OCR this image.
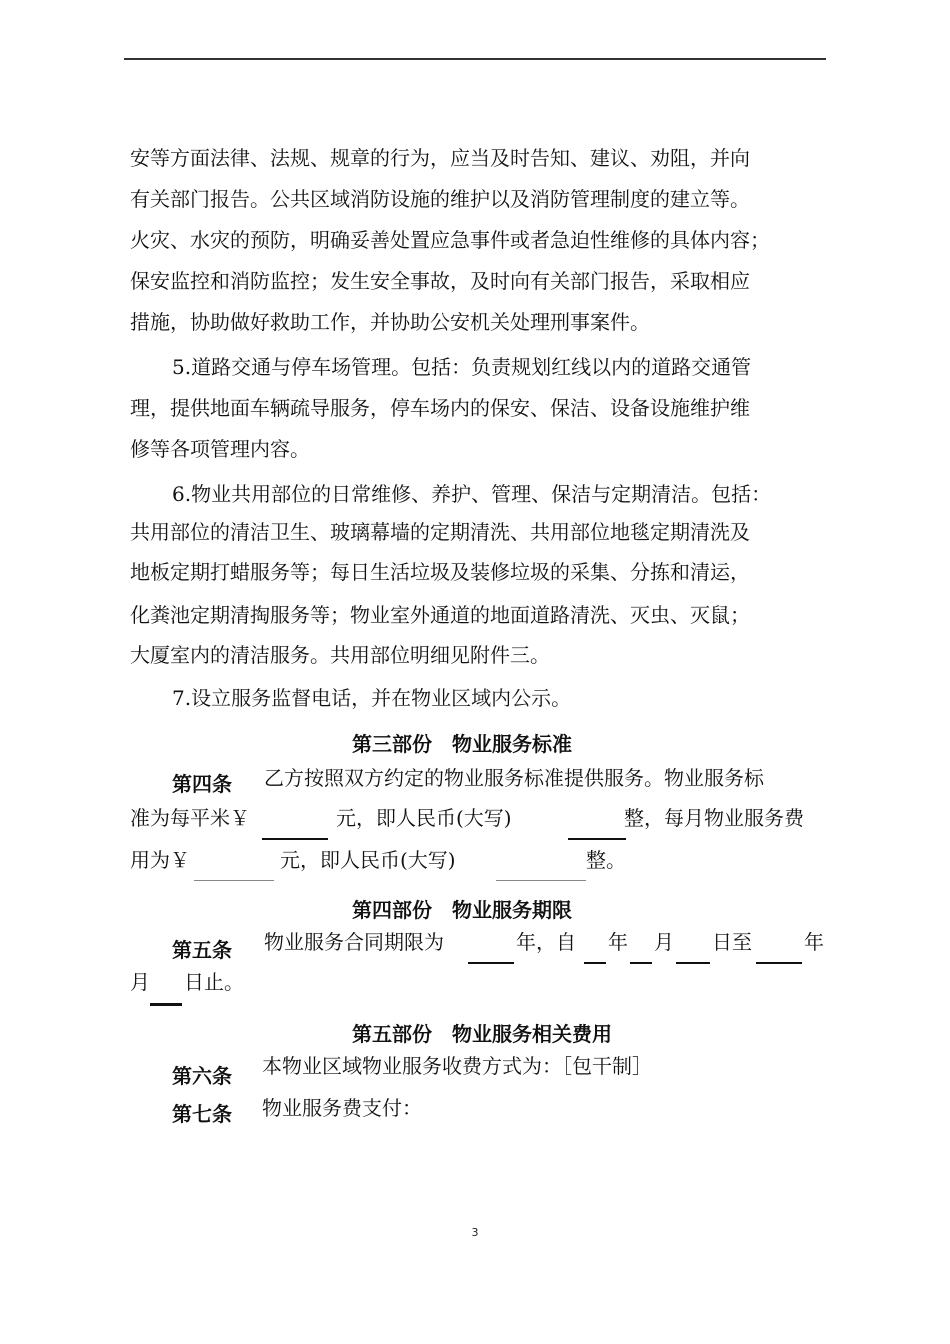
安等方面法律、法规、规章的行为，应当及时告知、建议、劝阻，并向
有关部门报告。公共区域消防设施的维护以及消防管理制度的建立等。
火灾、水灾的预防，明确妥善处置应急事件或者急迫性维修的具体内容；
保安监控和消防监控；发生安全事故，及时向有关部门报告，采取相应
措施，协助做好救助工作，并协助公安机关处理刑事案件。
5.道路交通与停车场管理。包括：负责规划红线以内的道路交通管
理，提供地面车辆疏导服务，停车场内的保安、保洁、设备设施维护维
修等各项管理内容。
6.物业共用部位的日常维修、养护、管理、保洁与定期清洁。包括：
共用部位的清洁卫生、玻璃幕墙的定期清洗、共用部位地毯定期清洗及
地板定期打蜡服务等；每日生活垃圾及装修垃圾的采集、分拣和清运，
化粪池定期清掏服务等；物业室外通道的地面道路清洗、灭虫、灭鼠；
大厦室内的清洁服务。共用部位明细见附件三。
7.设立服务监督电话，并在物业区域内公示。
第三部份　物业服务标准
第四条 乙方按照双方约定的物业服务标准提供服务。物业服务标
准为每平米￥	元，即人民币(大写)	整，每月物业服务费
用为￥	元，即人民币(大写)	整。
第四部份　物业服务期限
第五条 物业服务合同期限为	年，自 年 月 日至	年
月 日止。
第五部份　物业服务相关费用
第六条 本物业区域物业服务收费方式为：［包干制］
第七条 物业服务费支付：
3
